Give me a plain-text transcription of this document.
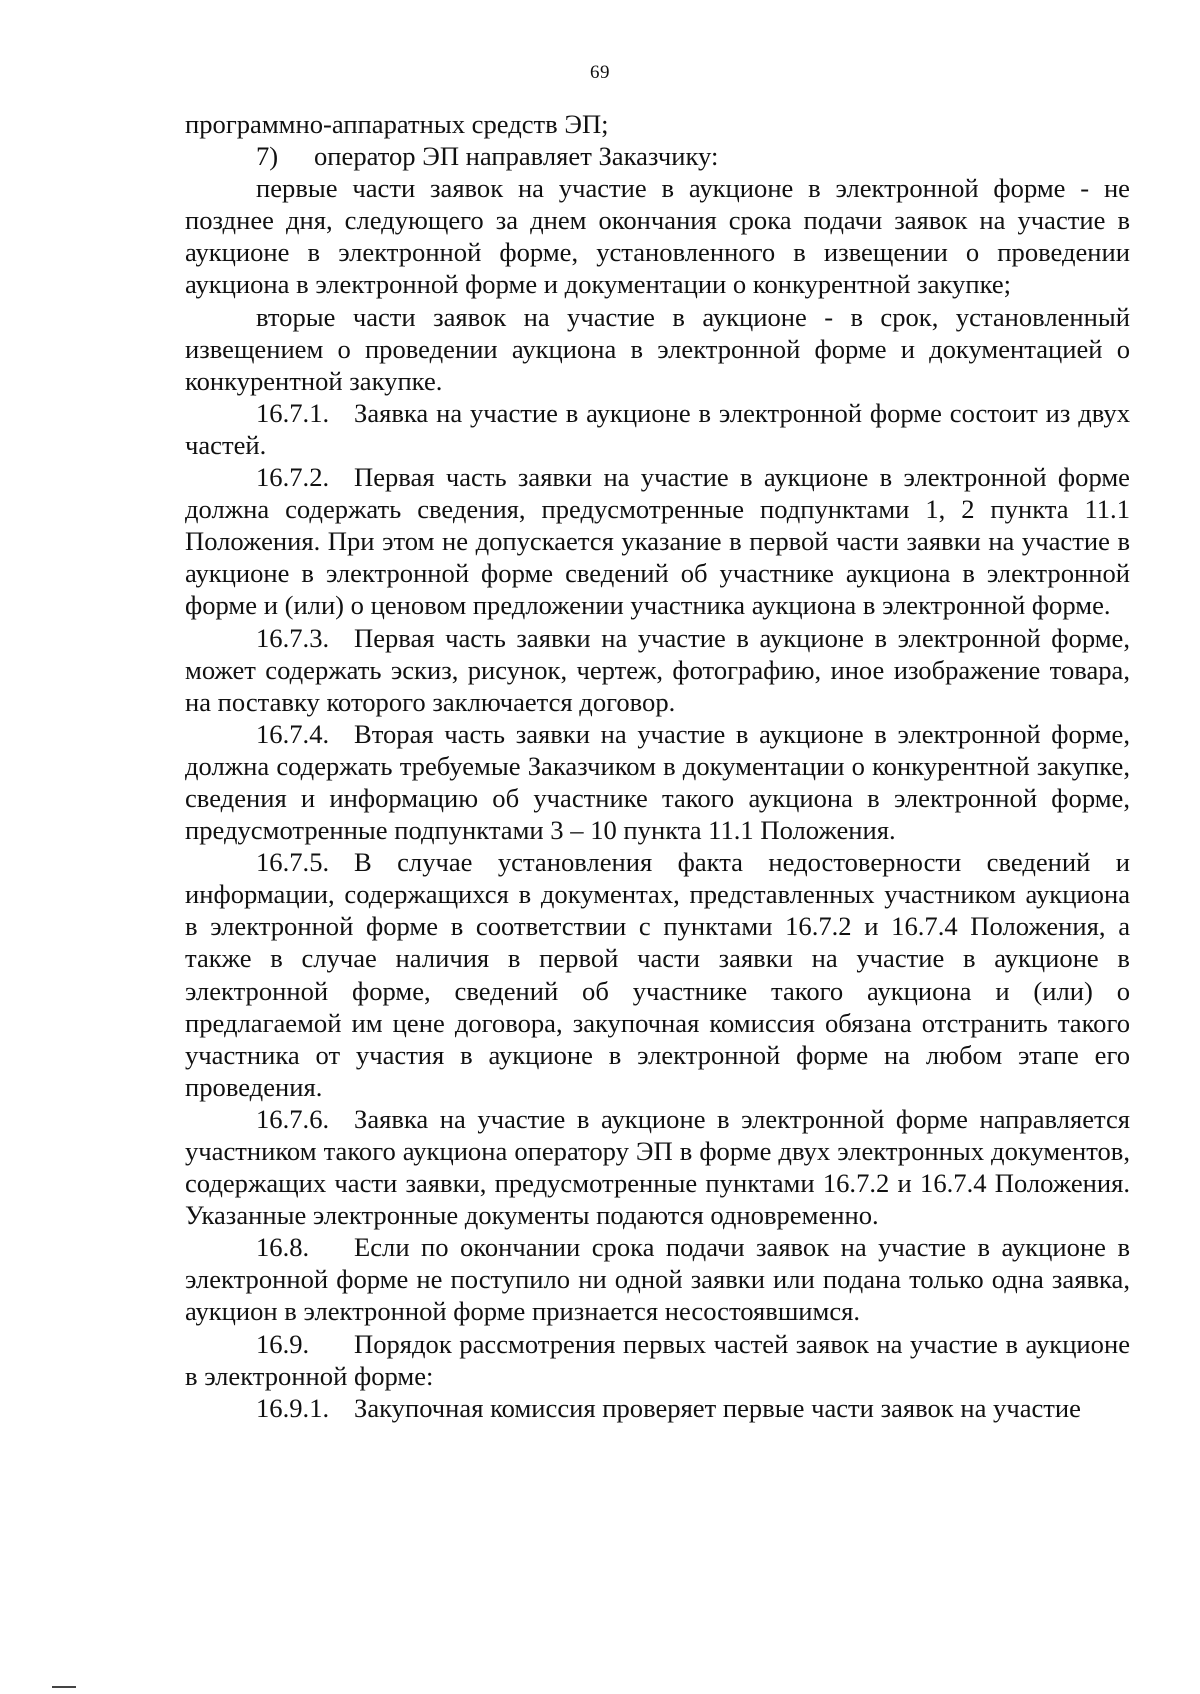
69

программно-аппаратных средств ЭП;

7) оператор ЭП направляет Заказчику:

первые части заявок на участие в аукционе в электронной форме - не позднее дня, следующего за днем окончания срока подачи заявок на участие в аукционе в электронной форме, установленного в извещении о проведении аукциона в электронной форме и документации о конкурентной закупке;

вторые части заявок на участие в аукционе - в срок, установленный извещением о проведении аукциона в электронной форме и документацией о конкурентной закупке.

16.7.1. Заявка на участие в аукционе в электронной форме состоит из двух частей.

16.7.2. Первая часть заявки на участие в аукционе в электронной форме должна содержать сведения, предусмотренные подпунктами 1, 2 пункта 11.1 Положения. При этом не допускается указание в первой части заявки на участие в аукционе в электронной форме сведений об участнике аукциона в электронной форме и (или) о ценовом предложении участника аукциона в электронной форме.

16.7.3. Первая часть заявки на участие в аукционе в электронной форме, может содержать эскиз, рисунок, чертеж, фотографию, иное изображение товара, на поставку которого заключается договор.

16.7.4. Вторая часть заявки на участие в аукционе в электронной форме, должна содержать требуемые Заказчиком в документации о конкурентной закупке, сведения и информацию об участнике такого аукциона в электронной форме, предусмотренные подпунктами 3 – 10 пункта 11.1 Положения.

16.7.5. В случае установления факта недостоверности сведений и информации, содержащихся в документах, представленных участником аукциона в электронной форме в соответствии с пунктами 16.7.2 и 16.7.4 Положения, а также в случае наличия в первой части заявки на участие в аукционе в электронной форме, сведений об участнике такого аукциона и (или) о предлагаемой им цене договора, закупочная комиссия обязана отстранить такого участника от участия в аукционе в электронной форме на любом этапе его проведения.

16.7.6. Заявка на участие в аукционе в электронной форме направляется участником такого аукциона оператору ЭП в форме двух электронных документов, содержащих части заявки, предусмотренные пунктами 16.7.2 и 16.7.4 Положения. Указанные электронные документы подаются одновременно.

16.8. Если по окончании срока подачи заявок на участие в аукционе в электронной форме не поступило ни одной заявки или подана только одна заявка, аукцион в электронной форме признается несостоявшимся.

16.9. Порядок рассмотрения первых частей заявок на участие в аукционе в электронной форме:

16.9.1. Закупочная комиссия проверяет первые части заявок на участие
